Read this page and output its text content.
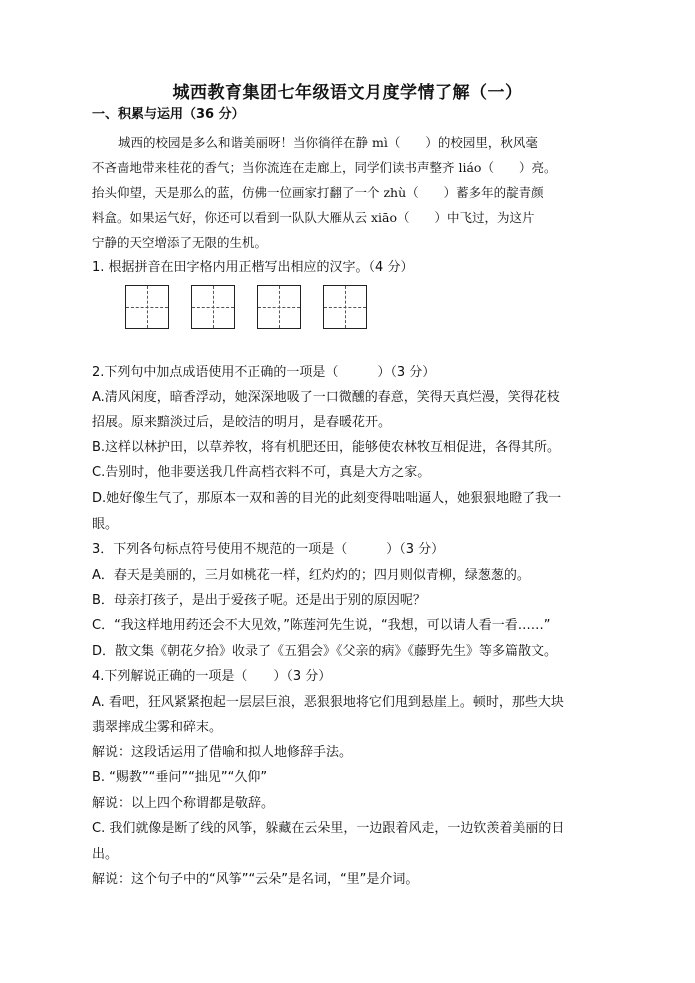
城西教育集团七年级语文月度学情了解（一）
一、积累与运用（36 分）
城西的校园是多么和谐美丽呀！当你徜徉在静 mì（　　）的校园里，秋风毫
不吝啬地带来桂花的香气；当你流连在走廊上，同学们读书声整齐 liáo（　　）亮。
抬头仰望，天是那么的蓝，仿佛一位画家打翻了一个 zhù（　　）蓄多年的靛青颜
料盒。如果运气好，你还可以看到一队队大雁从云 xiāo（　　）中飞过，为这片
宁静的天空增添了无限的生机。
1. 根据拼音在田字格内用正楷写出相应的汉字。（4 分）
2.下列句中加点成语使用不正确的一项是（　　　）（3 分）
A.清风闲度，暗香浮动，她深深地吸了一口微醺的春意，笑得天真烂漫，笑得花枝
招展。原来黯淡过后，是皎洁的明月，是春暖花开。
B.这样以林护田，以草养牧，将有机肥还田，能够使农林牧互相促进，各得其所。
C.告别时，他非要送我几件高档衣料不可，真是大方之家。
D.她好像生气了，那原本一双和善的目光的此刻变得咄咄逼人，她狠狠地瞪了我一
眼。
3．下列各句标点符号使用不规范的一项是（　　　）（3 分）
A．春天是美丽的，三月如桃花一样，红灼灼的；四月则似青柳，绿葱葱的。
B．母亲打孩子，是出于爱孩子呢。还是出于别的原因呢？
C．“我这样地用药还会不大见效，”陈莲河先生说，“我想，可以请人看一看……”
D．散文集《朝花夕拾》收录了《五猖会》《父亲的病》《藤野先生》等多篇散文。
4.下列解说正确的一项是（　　）（3 分）
A. 看吧，狂风紧紧抱起一层层巨浪，恶狠狠地将它们甩到悬崖上。顿时，那些大块
翡翠摔成尘雾和碎末。
解说：这段话运用了借喻和拟人地修辞手法。
B. “赐教”“垂问”“拙见”“久仰”
解说：以上四个称谓都是敬辞。
C. 我们就像是断了线的风筝，躲藏在云朵里，一边跟着风走，一边钦羡着美丽的日
出。
解说：这个句子中的“风筝”“云朵”是名词，“里”是介词。
